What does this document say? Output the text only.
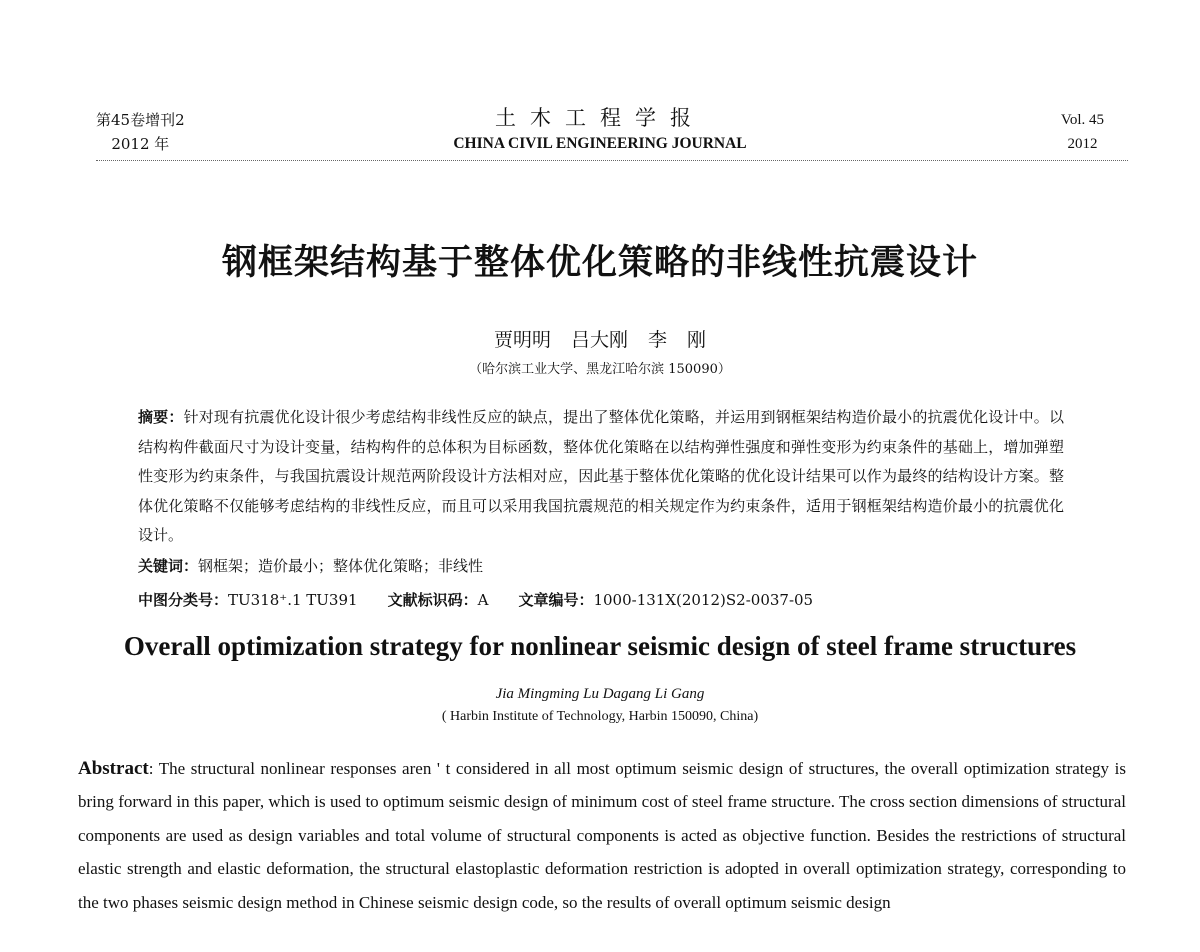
第45卷增刊2
2012 年
土木工程学报
CHINA CIVIL ENGINEERING JOURNAL
Vol. 45
2012
钢框架结构基于整体优化策略的非线性抗震设计
贾明明 吕大刚 李 刚
（哈尔滨工业大学、黑龙江哈尔滨 150090）
摘要：针对现有抗震优化设计很少考虑结构非线性反应的缺点，提出了整体优化策略，并运用到钢框架结构造价最小的抗震优化设计中。以结构构件截面尺寸为设计变量，结构构件的总体积为目标函数，整体优化策略在以结构弹性强度和弹性变形为约束条件的基础上，增加弹塑性变形为约束条件，与我国抗震设计规范两阶段设计方法相对应，因此基于整体优化策略的优化设计结果可以作为最终的结构设计方案。整体优化策略不仅能够考虑结构的非线性反应，而且可以采用我国抗震规范的相关规定作为约束条件，适用于钢框架结构造价最小的抗震优化设计。
关键词：钢框架；造价最小；整体优化策略；非线性
中图分类号：TU318⁺.1 TU391 文献标识码：A 文章编号：1000-131X(2012)S2-0037-05
Overall optimization strategy for nonlinear seismic design of steel frame structures
Jia Mingming Lu Dagang Li Gang
( Harbin Institute of Technology, Harbin 150090, China)
Abstract: The structural nonlinear responses aren ' t considered in all most optimum seismic design of structures, the overall optimization strategy is bring forward in this paper, which is used to optimum seismic design of minimum cost of steel frame structure. The cross section dimensions of structural components are used as design variables and total volume of structural components is acted as objective function. Besides the restrictions of structural elastic strength and elastic deformation, the structural elastoplastic deformation restriction is adopted in overall optimization strategy, corresponding to the two phases seismic design method in Chinese seismic design code, so the results of overall optimum seismic design
